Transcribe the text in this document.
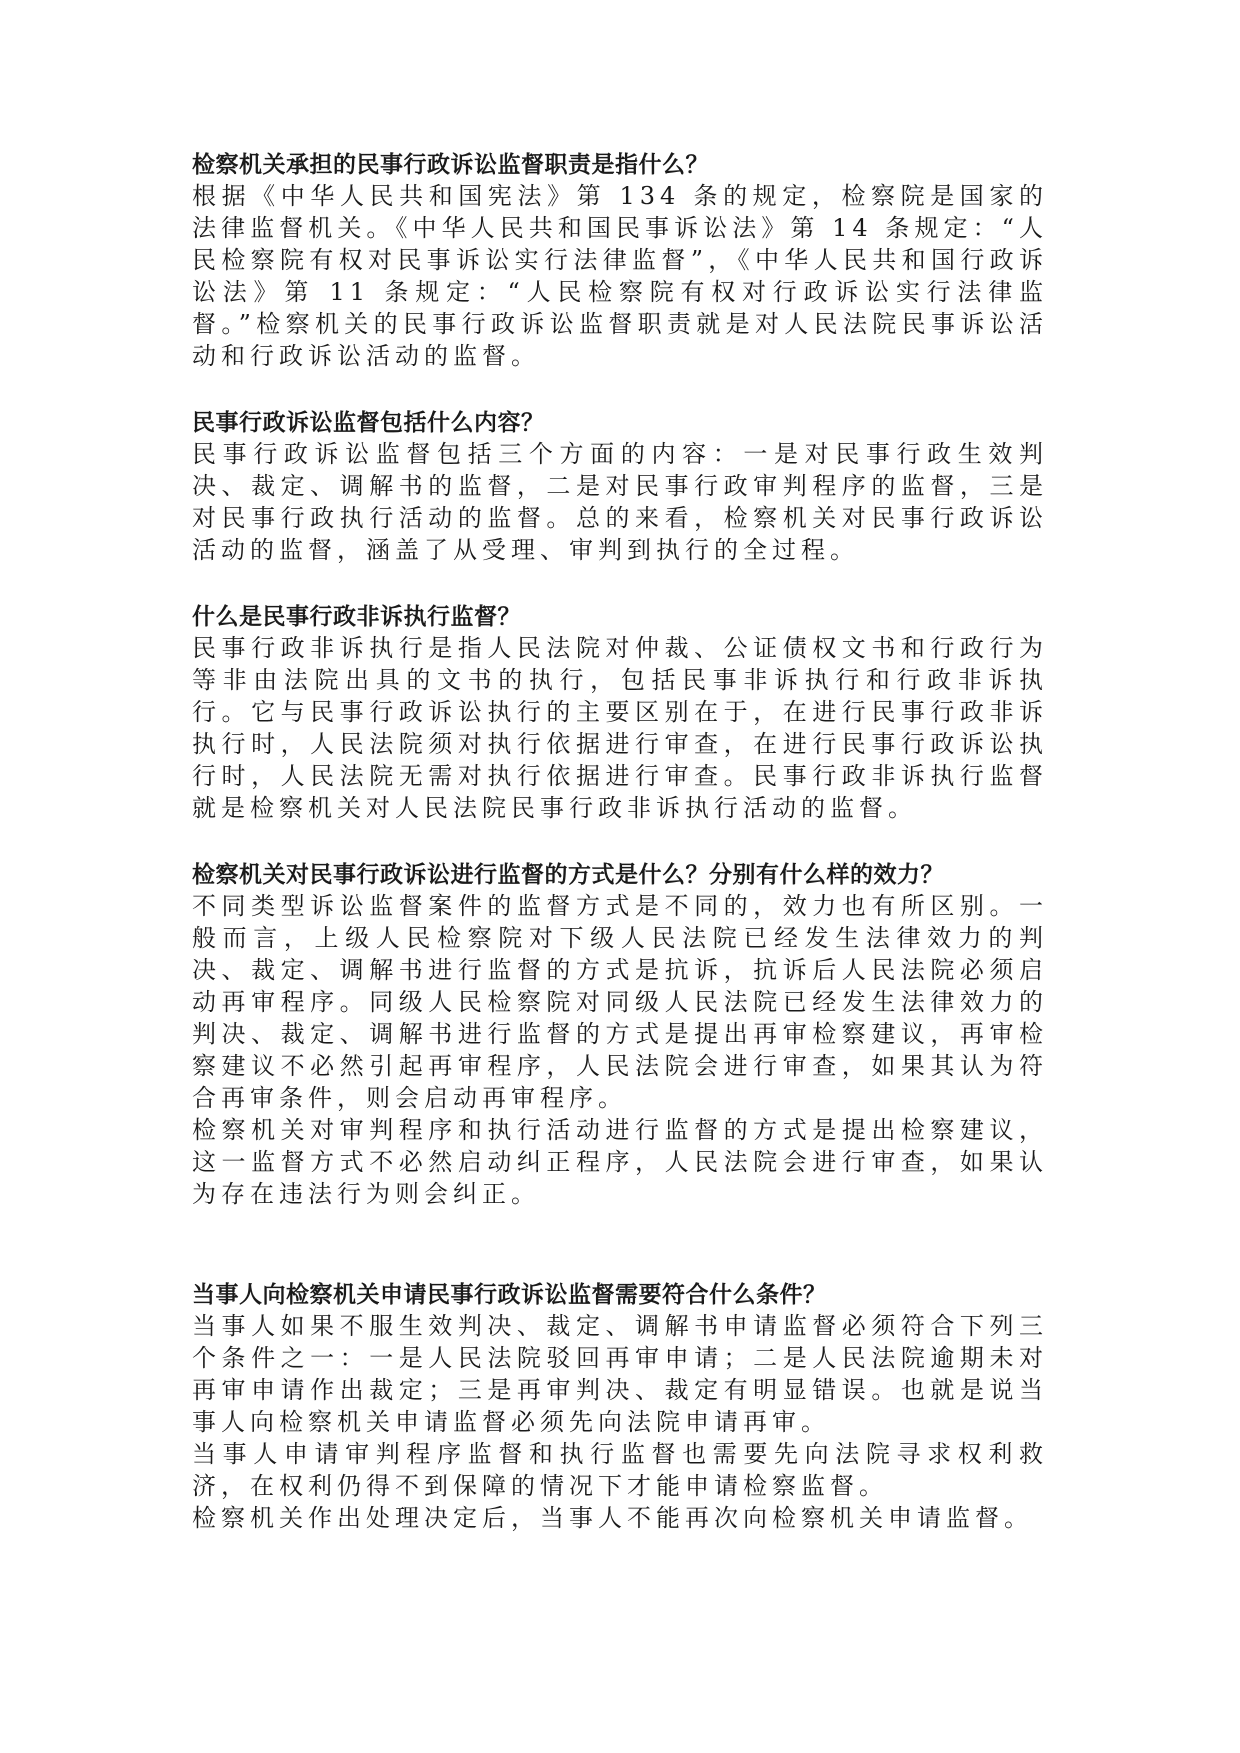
检察机关承担的民事行政诉讼监督职责是指什么？

根据《中华人民共和国宪法》第 134 条的规定，检察院是国家的法律监督机关。《中华人民共和国民事诉讼法》第 14 条规定：“人民检察院有权对民事诉讼实行法律监督”，《中华人民共和国行政诉讼法》第 11 条规定：“人民检察院有权对行政诉讼实行法律监督。”检察机关的民事行政诉讼监督职责就是对人民法院民事诉讼活动和行政诉讼活动的监督。

民事行政诉讼监督包括什么内容？

民事行政诉讼监督包括三个方面的内容：一是对民事行政生效判决、裁定、调解书的监督，二是对民事行政审判程序的监督，三是对民事行政执行活动的监督。总的来看，检察机关对民事行政诉讼活动的监督，涵盖了从受理、审判到执行的全过程。

什么是民事行政非诉执行监督？

民事行政非诉执行是指人民法院对仲裁、公证债权文书和行政行为等非由法院出具的文书的执行，包括民事非诉执行和行政非诉执行。它与民事行政诉讼执行的主要区别在于，在进行民事行政非诉执行时，人民法院须对执行依据进行审查，在进行民事行政诉讼执行时，人民法院无需对执行依据进行审查。民事行政非诉执行监督就是检察机关对人民法院民事行政非诉执行活动的监督。

检察机关对民事行政诉讼进行监督的方式是什么？分别有什么样的效力？

不同类型诉讼监督案件的监督方式是不同的，效力也有所区别。一般而言，上级人民检察院对下级人民法院已经发生法律效力的判决、裁定、调解书进行监督的方式是抗诉，抗诉后人民法院必须启动再审程序。同级人民检察院对同级人民法院已经发生法律效力的判决、裁定、调解书进行监督的方式是提出再审检察建议，再审检察建议不必然引起再审程序，人民法院会进行审查，如果其认为符合再审条件，则会启动再审程序。

检察机关对审判程序和执行活动进行监督的方式是提出检察建议，这一监督方式不必然启动纠正程序，人民法院会进行审查，如果认为存在违法行为则会纠正。

当事人向检察机关申请民事行政诉讼监督需要符合什么条件？

当事人如果不服生效判决、裁定、调解书申请监督必须符合下列三个条件之一：一是人民法院驳回再审申请；二是人民法院逾期未对再审申请作出裁定；三是再审判决、裁定有明显错误。也就是说当事人向检察机关申请监督必须先向法院申请再审。

当事人申请审判程序监督和执行监督也需要先向法院寻求权利救济，在权利仍得不到保障的情况下才能申请检察监督。

检察机关作出处理决定后，当事人不能再次向检察机关申请监督。
